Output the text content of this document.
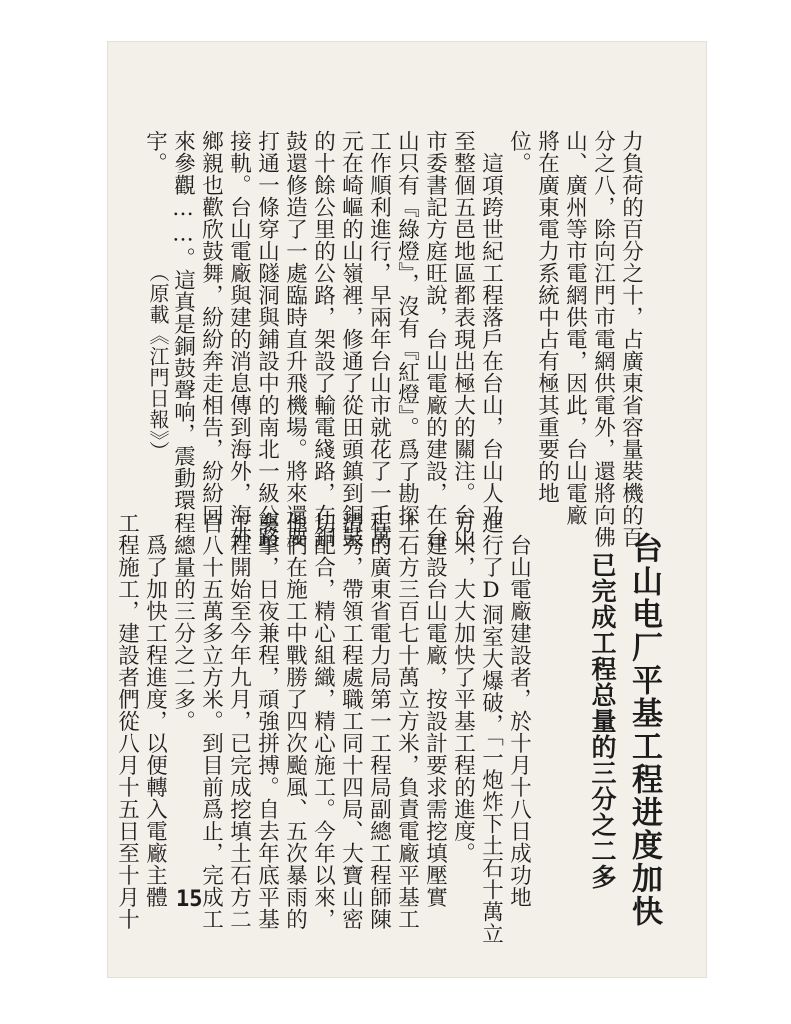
力負荷的百分之十，占廣東省容量裝機的百
分之八，除向江門市電網供電外，還將向佛
山、廣州等市電網供電，因此，台山電廠
將在廣東電力系統中占有極其重要的地
位。
　這項跨世紀工程落戶在台山，台山人乃
至整個五邑地區都表現出極大的關注。台山
市委書記方庭旺說，台山電廠的建設，在台
山只有『綠燈』，沒有『紅燈』。爲了勘探
工作順利進行，早兩年台山市就花了一千萬
元在崎嶇的山嶺裡，修通了從田頭鎮到銅鼓
的十餘公里的公路，架設了輸電綫路，在銅
鼓還修造了一處臨時直升飛機場。將來還要
打通一條穿山隧洞與鋪設中的南北一級公路
接軌。台山電廠與建的消息傳到海外，海外
鄉親也歡欣鼓舞，紛紛奔走相告，紛紛回
來參觀……。這真是銅鼓聲响，震動環
宇。
（原載《江門日報》）
台山电厂平基工程进度加快
已完成工程总量的三分之二多
　台山電廠建設者，於十月十八日成功地
進行了D洞室大爆破，「一炮炸下土石十萬立
方米，大大加快了平基工程的進度。
　建設台山電廠，按設計要求需挖填壓實
土石方三百七十萬立方米，負責電廠平基工
程的廣東省電力局第一工程局副總工程師陳
清秀，帶領工程處職工同十四局、大寶山密
切配合，精心組織，精心施工。今年以來，
他們在施工中戰勝了四次颱風、五次暴雨的
襲擊，日夜兼程，頑強拼搏。自去年底平基
工程開始至今年九月，已完成挖填土石方二
百八十五萬多立方米。到目前爲止，完成工
程總量的三分之二多。
　爲了加快工程進度，以便轉入電廠主體
工程施工，建設者們從八月十五日至十月十 15
